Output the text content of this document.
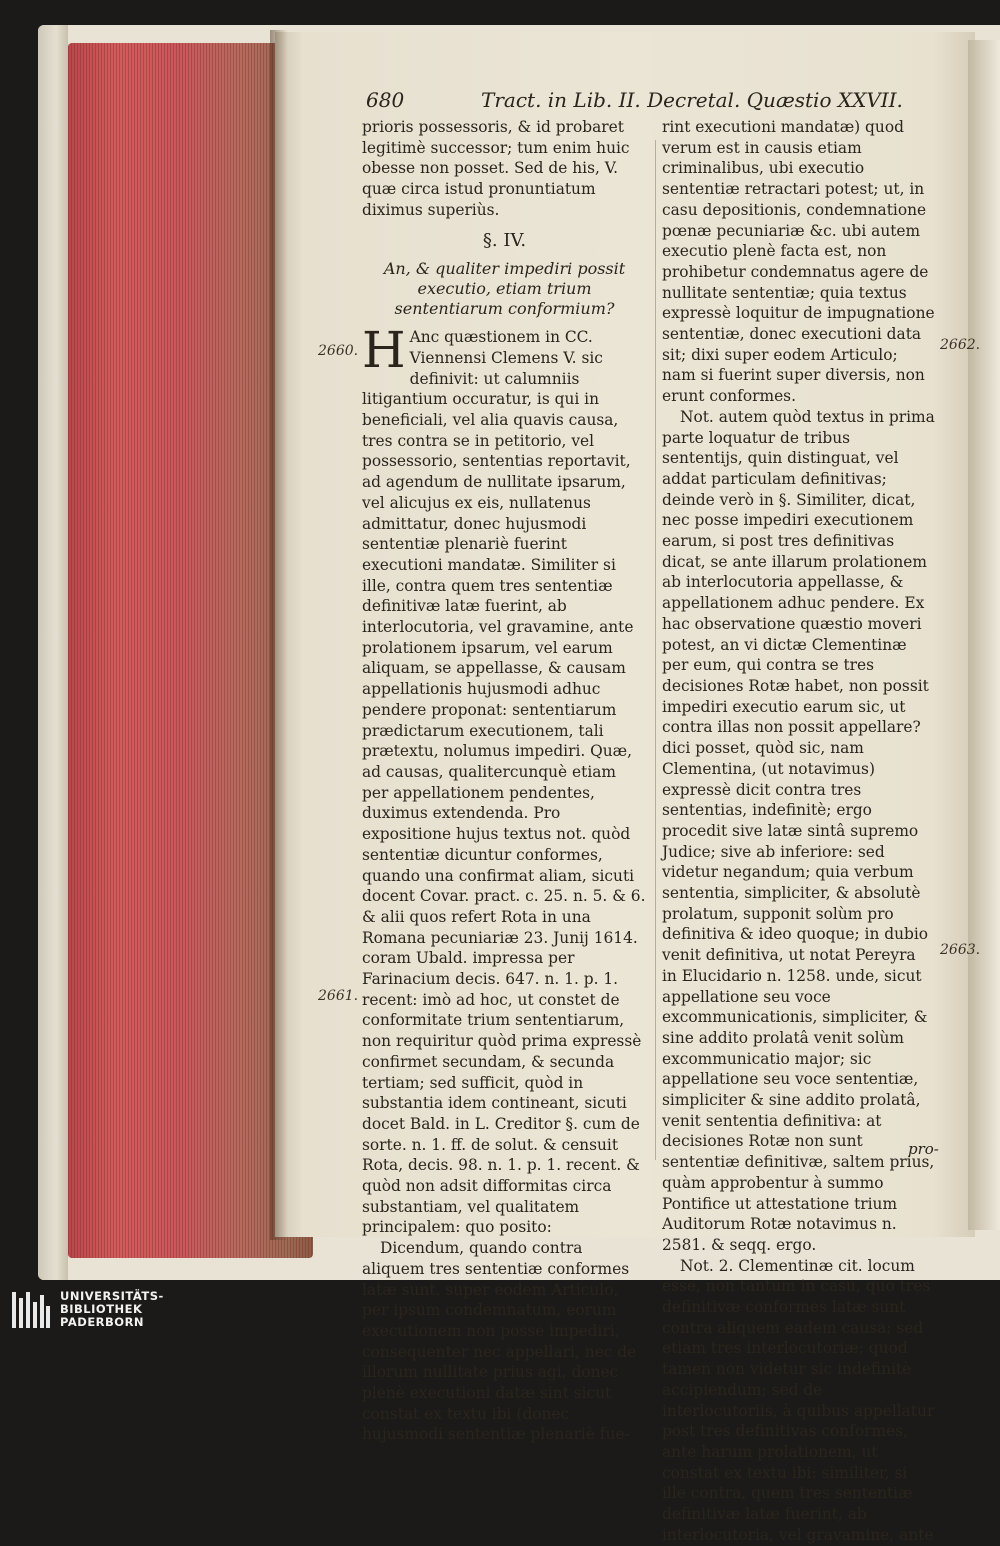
680	Tract. in Lib. II. Decretal. Quæstio XXVII.

prioris possessoris, & id probaret legitimè successor; tum enim huic obesse non posset. Sed de his, V. quæ circa istud pronuntiatum diximus superiùs.

§. IV.
An, & qualiter impediri possit executio, etiam trium sententiarum conformium?

H Anc quæstionem in CC. Viennensi Clemens V. sic definivit: ut calumniis litigantium occuratur, is qui in beneficiali, vel alia quavis causa, tres contra se in petitorio, vel possessorio, sententias reportavit, ad agendum de nullitate ipsarum, vel alicujus ex eis, nullatenus admittatur, donec hujusmodi sententiæ plenariè fuerint executioni mandatæ. Similiter si ille, contra quem tres sententiæ definitivæ latæ fuerint, ab interlocutoria, vel gravamine, ante prolationem ipsarum, vel earum aliquam, se appellasse, & causam appellationis hujusmodi adhuc pendere proponat: sententiarum prædictarum executionem, tali prætextu, nolumus impediri. Quæ, ad causas, qualitercunquè etiam per appellationem pendentes, duximus extendenda. Pro expositione hujus textus not. quòd sententiæ dicuntur conformes, quando una confirmat aliam, sicuti docent Covar. pract. c. 25. n. 5. & 6. & alii quos refert Rota in una Romana pecuniariæ 23. Junij 1614. coram Ubald. impressa per Farinacium decis. 647. n. 1. p. 1. recent: imò ad hoc, ut constet de conformitate trium sententiarum, non requiritur quòd prima expressè confirmet secundam, & secunda tertiam; sed sufficit, quòd in substantia idem contineant, sicuti docet Bald. in L. Creditor §. cum de sorte. n. 1. ff. de solut. & censuit Rota, decis. 98. n. 1. p. 1. recent. & quòd non adsit difformitas circa substantiam, vel qualitatem principalem: quo posito:

Dicendum, quando contra aliquem tres sententiæ conformes latæ sunt, super eodem Articulo, per ipsum condemnatum, eorum executionem non posse impediri, consequenter nec appellari, nec de illorum nullitate prius agi, donec plenè executioni datæ sint sicut constat ex textu ibi (donec hujusmodi sententiæ plenariè fue-

rint executioni mandatæ) quod verum est in causis etiam criminalibus, ubi executio sententiæ retractari potest; ut, in casu depositionis, condemnatione pœnæ pecuniariæ &c. ubi autem executio plenè facta est, non prohibetur condemnatus agere de nullitate sententiæ; quia textus expressè loquitur de impugnatione sententiæ, donec executioni data sit; dixi super eodem Articulo; nam si fuerint super diversis, non erunt conformes.

Not. autem quòd textus in prima parte loquatur de tribus sententijs, quin distinguat, vel addat particulam definitivas; deinde verò in §. Similiter, dicat, nec posse impediri executionem earum, si post tres definitivas dicat, se ante illarum prolationem ab interlocutoria appellasse, & appellationem adhuc pendere. Ex hac observatione quæstio moveri potest, an vi dictæ Clementinæ per eum, qui contra se tres decisiones Rotæ habet, non possit impediri executio earum sic, ut contra illas non possit appellare? dici posset, quòd sic, nam Clementina, (ut notavimus) expressè dicit contra tres sententias, indefinitè; ergo procedit sive latæ sintâ supremo Judice; sive ab inferiore: sed videtur negandum; quia verbum sententia, simpliciter, & absolutè prolatum, supponit solùm pro definitiva & ideo quoque; in dubio venit definitiva, ut notat Pereyra in Elucidario n. 1258. unde, sicut appellatione seu voce excommunicationis, simpliciter, & sine addito prolatâ venit solùm excommunicatio major; sic appellatione seu voce sententiæ, simpliciter & sine addito prolatâ, venit sententia definitiva: at decisiones Rotæ non sunt sententiæ definitivæ, saltem prius, quàm approbentur à summo Pontifice ut attestatione trium Auditorum Rotæ notavimus n. 2581. & seqq. ergo.

Not. 2. Clementinæ cit. locum esse, non tantum in casu, quo tres definitivæ conformes latæ sunt contra aliquem eadem causa; sed etiam tres interlocutoriæ; quod tamen non videtur sic indefinitè accipiendum; sed de interlocutoriis, à quibus appellatur post tres definitivas conformes, ante harum prolationem, ut constat ex textu ibi: similiter, si ille contra, quem tres sententiæ definitivæ latæ fuerint, ab interlocutoria, vel gravamine, ante

2660.
2661.
2662.
2663.
pro-
UNIVERSITÄTS-
BIBLIOTHEK
PADERBORN
